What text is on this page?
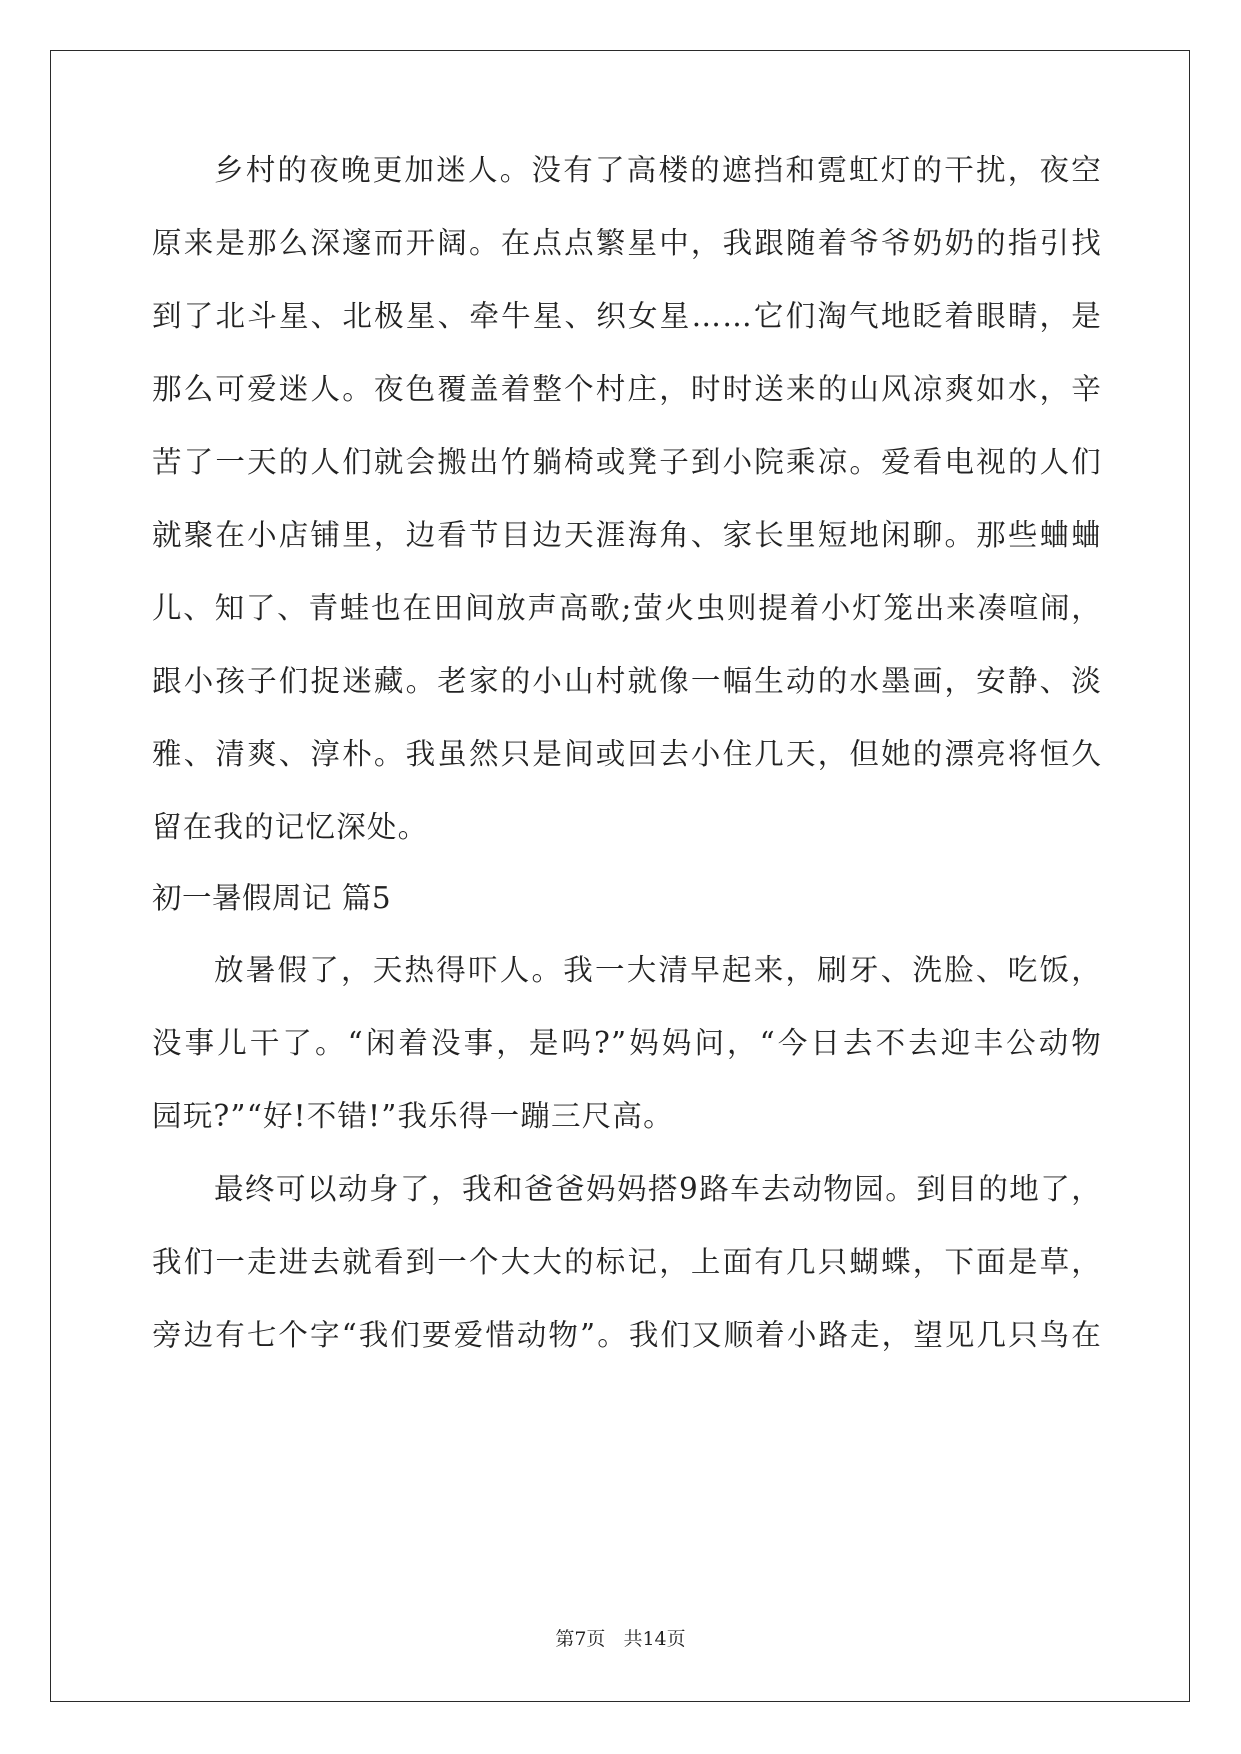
乡村的夜晚更加迷人。没有了高楼的遮挡和霓虹灯的干扰，夜空

原来是那么深邃而开阔。在点点繁星中，我跟随着爷爷奶奶的指引找

到了北斗星、北极星、牵牛星、织女星……它们淘气地眨着眼睛，是

那么可爱迷人。夜色覆盖着整个村庄，时时送来的山风凉爽如水，辛

苦了一天的人们就会搬出竹躺椅或凳子到小院乘凉。爱看电视的人们

就聚在小店铺里，边看节目边天涯海角、家长里短地闲聊。那些蛐蛐

儿、知了、青蛙也在田间放声高歌;萤火虫则提着小灯笼出来凑喧闹，

跟小孩子们捉迷藏。老家的小山村就像一幅生动的水墨画，安静、淡

雅、清爽、淳朴。我虽然只是间或回去小住几天，但她的漂亮将恒久

留在我的记忆深处。

初一暑假周记 篇5

放暑假了，天热得吓人。我一大清早起来，刷牙、洗脸、吃饭，

没事儿干了。“闲着没事，是吗?”妈妈问，“今日去不去迎丰公动物

园玩?”“好!不错!”我乐得一蹦三尺高。

最终可以动身了，我和爸爸妈妈搭9路车去动物园。到目的地了，

我们一走进去就看到一个大大的标记，上面有几只蝴蝶，下面是草，

旁边有七个字“我们要爱惜动物”。我们又顺着小路走，望见几只鸟在

第7页 共14页
